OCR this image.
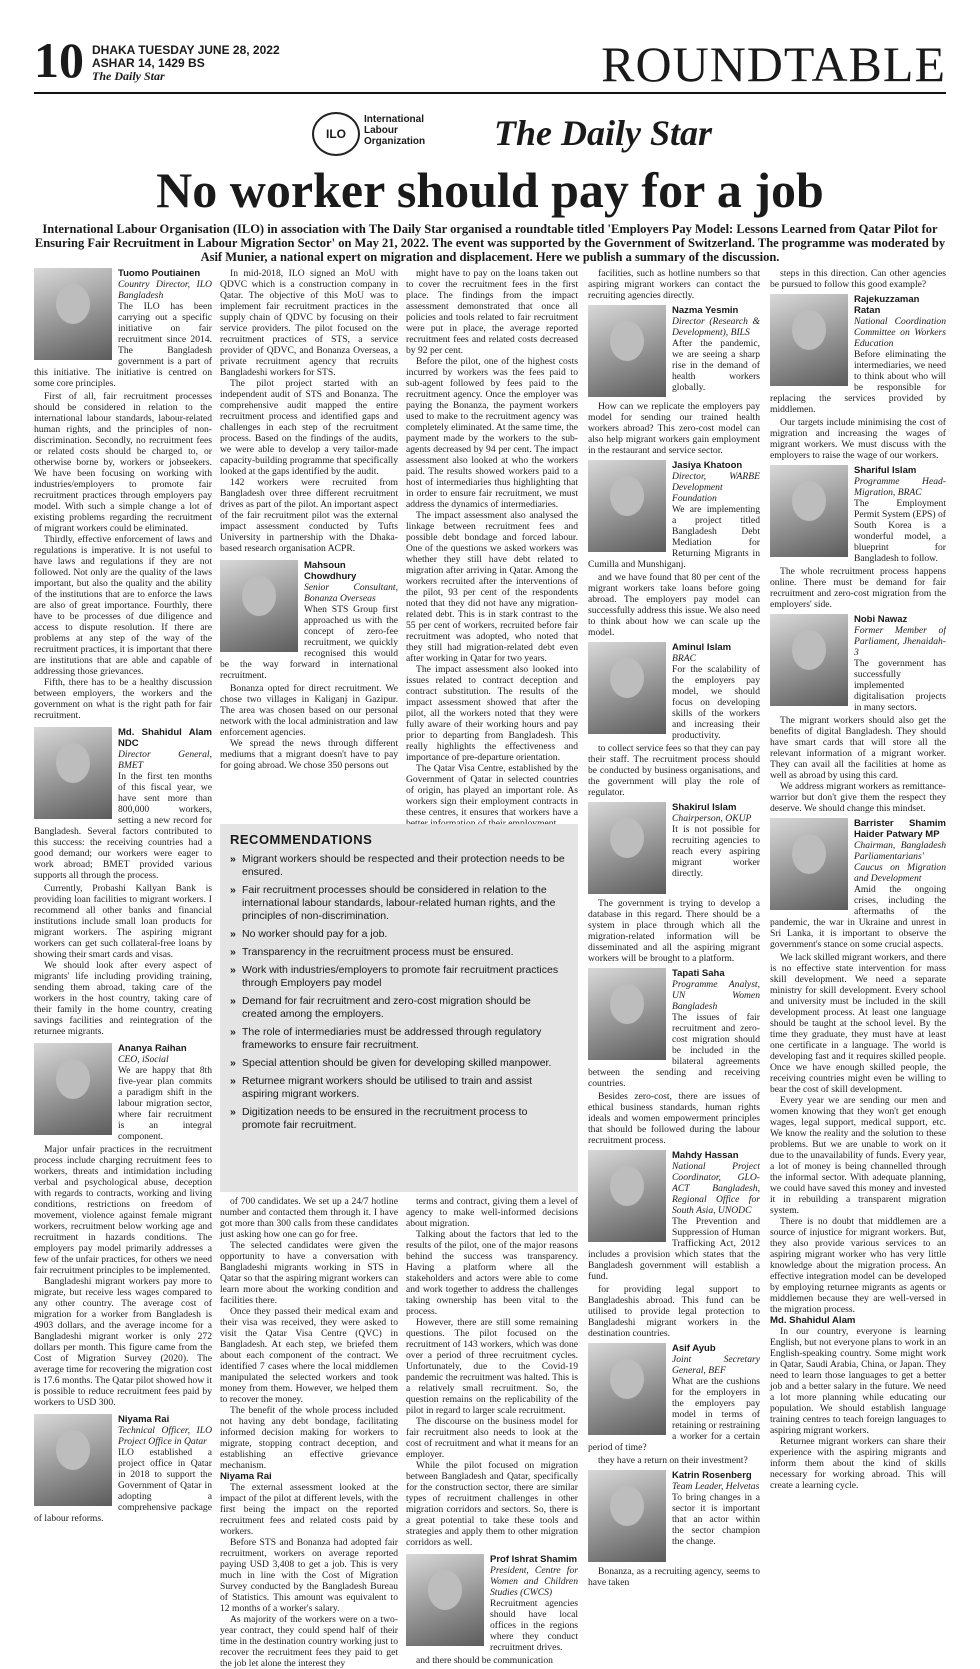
10 DHAKA TUESDAY JUNE 28, 2022
ASHAR 14, 1429 BS
The Daily Star	ROUNDTABLE
ILO
International
Labour
Organization The Daily Star
No worker should pay for a job
International Labour Organisation (ILO) in association with The Daily Star organised a roundtable titled 'Employers Pay Model: Lessons Learned from Qatar Pilot for Ensuring Fair Recruitment in Labour Migration Sector' on May 21, 2022. The event was supported by the Government of Switzerland. The programme was moderated by Asif Munier, a national expert on migration and displacement. Here we publish a summary of the discussion.
Tuomo Poutiainen
Country Director, ILO Bangladesh
The ILO has been carrying out a specific initiative on fair recruitment since 2014. The Bangladesh government is a part of this initiative. The initiative is centred on some core principles.

First of all, fair recruitment processes should be considered in relation to the international labour standards, labour-related human rights, and the principles of non-discrimination. Secondly, no recruitment fees or related costs should be charged to, or otherwise borne by, workers or jobseekers. We have been focusing on working with industries/employers to promote fair recruitment practices through employers pay model. With such a simple change a lot of existing problems regarding the recruitment of migrant workers could be eliminated.

Thirdly, effective enforcement of laws and regulations is imperative. It is not useful to have laws and regulations if they are not followed. Not only are the quality of the laws important, but also the quality and the ability of the institutions that are to enforce the laws are also of great importance. Fourthly, there have to be processes of due diligence and access to dispute resolution. If there are problems at any step of the way of the recruitment practices, it is important that there are institutions that are able and capable of addressing those grievances.

Fifth, there has to be a healthy discussion between employers, the workers and the government on what is the right path for fair recruitment.

Md. Shahidul Alam NDC
Director General, BMET
In the first ten months of this fiscal year, we have sent more than 800,000 workers, setting a new record for Bangladesh. Several factors contributed to this success: the receiving countries had a good demand; our workers were eager to work abroad; BMET provided various supports all through the process.

Currently, Probashi Kallyan Bank is providing loan facilities to migrant workers. I recommend all other banks and financial institutions include small loan products for migrant workers. The aspiring migrant workers can get such collateral-free loans by showing their smart cards and visas.

We should look after every aspect of migrants' life including providing training, sending them abroad, taking care of the workers in the host country, taking care of their family in the home country, creating savings facilities and reintegration of the returnee migrants.

Ananya Raihan
CEO, iSocial
We are happy that 8th five-year plan commits a paradigm shift in the labour migration sector, where fair recruitment is an integral component.

Major unfair practices in the recruitment process include charging recruitment fees to workers, threats and intimidation including verbal and psychological abuse, deception with regards to contracts, working and living conditions, restrictions on freedom of movement, violence against female migrant workers, recruitment below working age and recruitment in hazards conditions. The employers pay model primarily addresses a few of the unfair practices, for others we need fair recruitment principles to be implemented.

Bangladeshi migrant workers pay more to migrate, but receive less wages compared to any other country. The average cost of migration for a worker from Bangladesh is 4903 dollars, and the average income for a Bangladeshi migrant worker is only 272 dollars per month. This figure came from the Cost of Migration Survey (2020). The average time for recovering the migration cost is 17.6 months. The Qatar pilot showed how it is possible to reduce recruitment fees paid by workers to USD 300.

Niyama Rai
Technical Officer, ILO Project Office in Qatar
ILO established a project office in Qatar in 2018 to support the Government of Qatar in adopting a comprehensive package of labour reforms.

In mid-2018, ILO signed an MoU with QDVC which is a construction company in Qatar. The objective of this MoU was to implement fair recruitment practices in the supply chain of QDVC by focusing on their service providers. The pilot focused on the recruitment practices of STS, a service provider of QDVC, and Bonanza Overseas, a private recruitment agency that recruits Bangladeshi workers for STS.

The pilot project started with an independent audit of STS and Bonanza. The comprehensive audit mapped the entire recruitment process and identified gaps and challenges in each step of the recruitment process. Based on the findings of the audits, we were able to develop a very tailor-made capacity-building programme that specifically looked at the gaps identified by the audit.

142 workers were recruited from Bangladesh over three different recruitment drives as part of the pilot. An important aspect of the fair recruitment pilot was the external impact assessment conducted by Tufts University in partnership with the Dhaka-based research organisation ACPR.

Mahsoun Chowdhury
Senior Consultant, Bonanza Overseas
When STS Group first approached us with the concept of zero-fee recruitment, we quickly recognised this would be the way forward in international recruitment.

Bonanza opted for direct recruitment. We chose two villages in Kaliganj in Gazipur. The area was chosen based on our personal network with the local administration and law enforcement agencies.

We spread the news through different mediums that a migrant doesn't have to pay for going abroad. We chose 350 persons out

might have to pay on the loans taken out to cover the recruitment fees in the first place. The findings from the impact assessment demonstrated that once all policies and tools related to fair recruitment were put in place, the average reported recruitment fees and related costs decreased by 92 per cent.

Before the pilot, one of the highest costs incurred by workers was the fees paid to sub-agent followed by fees paid to the recruitment agency. Once the employer was paying the Bonanza, the payment workers used to make to the recruitment agency was completely eliminated. At the same time, the payment made by the workers to the sub-agents decreased by 94 per cent. The impact assessment also looked at who the workers paid. The results showed workers paid to a host of intermediaries thus highlighting that in order to ensure fair recruitment, we must address the dynamics of intermediaries.

The impact assessment also analysed the linkage between recruitment fees and possible debt bondage and forced labour. One of the questions we asked workers was whether they still have debt related to migration after arriving in Qatar. Among the workers recruited after the interventions of the pilot, 93 per cent of the respondents noted that they did not have any migration-related debt. This is in stark contrast to the 55 per cent of workers, recruited before fair recruitment was adopted, who noted that they still had migration-related debt even after working in Qatar for two years.

The impact assessment also looked into issues related to contract deception and contract substitution. The results of the impact assessment showed that after the pilot, all the workers noted that they were fully aware of their working hours and pay prior to departing from Bangladesh. This really highlights the effectiveness and importance of pre-departure orientation.

The Qatar Visa Centre, established by the Government of Qatar in selected countries of origin, has played an important role. As workers sign their employment contracts in these centres, it ensures that workers have a

RECOMMENDATIONS
» Migrant workers should be respected and their protection needs to be ensured.
» Fair recruitment processes should be considered in relation to the international labour standards, labour-related human rights, and the principles of non-discrimination.
» No worker should pay for a job.
» Transparency in the recruitment process must be ensured.
» Work with industries/employers to promote fair recruitment practices through Employers pay model
» Demand for fair recruitment and zero-cost migration should be created among the employers.
» The role of intermediaries must be addressed through regulatory frameworks to ensure fair recruitment.
» Special attention should be given for developing skilled manpower.
» Returnee migrant workers should be utilised to train and assist aspiring migrant workers.
» Digitization needs to be ensured in the recruitment process to promote fair recruitment.

of 700 candidates. We set up a 24/7 hotline number and contacted them through it. I have got more than 300 calls from these candidates just asking how one can go for free.

The selected candidates were given the opportunity to have a conversation with Bangladeshi migrants working in STS in Qatar so that the aspiring migrant workers can learn more about the working condition and facilities there.

Once they passed their medical exam and their visa was received, they were asked to visit the Qatar Visa Centre (QVC) in Bangladesh. At each step, we briefed them about each component of the contract. We identified 7 cases where the local middlemen manipulated the selected workers and took money from them. However, we helped them to recover the money.

The benefit of the whole process included not having any debt bondage, facilitating informed decision making for workers to migrate, stopping contract deception, and establishing an effective grievance mechanism.

Niyama Rai

The external assessment looked at the impact of the pilot at different levels, with the first being the impact on the reported recruitment fees and related costs paid by workers.

Before STS and Bonanza had adopted fair recruitment, workers on average reported paying USD 3,408 to get a job. This is very much in line with the Cost of Migration Survey conducted by the Bangladesh Bureau of Statistics. This amount was equivalent to 12 months of a worker's salary.

As majority of the workers were on a two-year contract, they could spend half of their time in the destination country working just to recover the recruitment fees they paid to get the job let alone the interest they

terms and contract, giving them a level of agency to make well-informed decisions about migration.

Talking about the factors that led to the results of the pilot, one of the major reasons behind the success was transparency. Having a platform where all the stakeholders and actors were able to come and work together to address the challenges taking ownership has been vital to the process.

However, there are still some remaining questions. The pilot focused on the recruitment of 143 workers, which was done over a period of three recruitment cycles. Unfortunately, due to the Covid-19 pandemic the recruitment was halted. This is a relatively small recruitment. So, the question remains on the replicability of the pilot in regard to larger scale recruitment.

The discourse on the business model for fair recruitment also needs to look at the cost of recruitment and what it means for an employer.

While the pilot focused on migration between Bangladesh and Qatar, specifically for the construction sector, there are similar types of recruitment challenges in other migration corridors and sectors. So, there is a great potential to take these tools and strategies and apply them to other migration corridors as well.

Prof Ishrat Shamim
President, Centre for Women and Children Studies (CWCS)
Recruitment agencies should have local offices in the regions where they conduct recruitment drives.

and there should be communication

facilities, such as hotline numbers so that aspiring migrant workers can contact the recruiting agencies directly.

Nazma Yesmin
Director (Research & Development), BILS
After the pandemic, we are seeing a sharp rise in the demand of health workers globally.

How can we replicate the employers pay model for sending our trained health workers abroad? This zero-cost model can also help migrant workers gain employment in the restaurant and service sector.

Jasiya Khatoon
Director, WARBE Development Foundation
We are implementing a project titled Bangladesh Debt Mediation for Returning Migrants in Cumilla and Munshiganj.

and we have found that 80 per cent of the migrant workers take loans before going abroad. The employers pay model can successfully address this issue. We also need to think about how we can scale up the model.

Aminul Islam
BRAC
For the scalability of the employers pay model, we should focus on developing skills of the workers and increasing their productivity.

to collect service fees so that they can pay their staff. The recruitment process should be conducted by business organisations, and the government will play the role of regulator.

Shakirul Islam
Chairperson, OKUP
It is not possible for recruiting agencies to reach every aspiring migrant worker directly.

The government is trying to develop a database in this regard. There should be a system in place through which all the migration-related information will be disseminated and all the aspiring migrant workers will be brought to a platform.

Tapati Saha
Programme Analyst, UN Women Bangladesh
The issues of fair recruitment and zero-cost migration should be included in the bilateral agreements between the sending and receiving countries.

Besides zero-cost, there are issues of ethical business standards, human rights ideals and women empowerment principles that should be followed during the labour recruitment process.

Mahdy Hassan
National Project Coordinator, GLO-ACT Bangladesh, Regional Office for South Asia, UNODC
The Prevention and Suppression of Human Trafficking Act, 2012 includes a provision which states that the Bangladesh government will establish a fund.

for providing legal support to Bangladeshis abroad. This fund can be utilised to provide legal protection to Bangladeshi migrant workers in the destination countries.

Asif Ayub
Joint Secretary General, BEF
What are the cushions for the employers in the employers pay model in terms of retaining or restraining a worker for a certain period of time?

they have a return on their investment?

Katrin Rosenberg
Team Leader, Helvetas
To bring changes in a sector it is important that an actor within the sector champion the change.

Bonanza, as a recruiting agency, seems to have taken

steps in this direction. Can other agencies be pursued to follow this good example?

Rajekuzzaman Ratan
National Coordination Committee on Workers Education
Before eliminating the intermediaries, we need to think about who will be responsible for replacing the services provided by middlemen.

Our targets include minimising the cost of migration and increasing the wages of migrant workers. We must discuss with the employers to raise the wage of our workers.

Shariful Islam
Programme Head-Migration, BRAC
The Employment Permit System (EPS) of South Korea is a wonderful model, a blueprint for Bangladesh to follow.

The whole recruitment process happens online. There must be demand for fair recruitment and zero-cost migration from the employers' side.

Nobi Nawaz
Former Member of Parliament, Jhenaidah-3
The government has successfully implemented digitalisation projects in many sectors.

The migrant workers should also get the benefits of digital Bangladesh. They should have smart cards that will store all the relevant information of a migrant worker. They can avail all the facilities at home as well as abroad by using this card.

We address migrant workers as remittance-warrior but don't give them the respect they deserve. We should change this mindset.

Barrister Shamim Haider Patwary MP
Chairman, Bangladesh Parliamentarians' Caucus on Migration and Development
Amid the ongoing crises, including the aftermaths of the pandemic, the war in Ukraine and unrest in Sri Lanka, it is important to observe the government's stance on some crucial aspects.

We lack skilled migrant workers, and there is no effective state intervention for mass skill development. We need a separate ministry for skill development. Every school and university must be included in the skill development process. At least one language should be taught at the school level. By the time they graduate, they must have at least one certificate in a language. The world is developing fast and it requires skilled people. Once we have enough skilled people, the receiving countries might even be willing to bear the cost of skill development.

Every year we are sending our men and women knowing that they won't get enough wages, legal support, medical support, etc. We know the reality and the solution to these problems. But we are unable to work on it due to the unavailability of funds. Every year, a lot of money is being channelled through the informal sector. With adequate planning, we could have saved this money and invested it in rebuilding a transparent migration system.

There is no doubt that middlemen are a source of injustice for migrant workers. But, they also provide various services to an aspiring migrant worker who has very little knowledge about the migration process. An effective integration model can be developed by employing returnee migrants as agents or middlemen because they are well-versed in the migration process.

Md. Shahidul Alam

In our country, everyone is learning English, but not everyone plans to work in an English-speaking country. Some might work in Qatar, Saudi Arabia, China, or Japan. They need to learn those languages to get a better job and a better salary in the future. We need a lot more planning while educating our population. We should establish language training centres to teach foreign languages to aspiring migrant workers.

Returnee migrant workers can share their experience with the aspiring migrants and inform them about the kind of skills necessary for working abroad. This will create a learning cycle.
